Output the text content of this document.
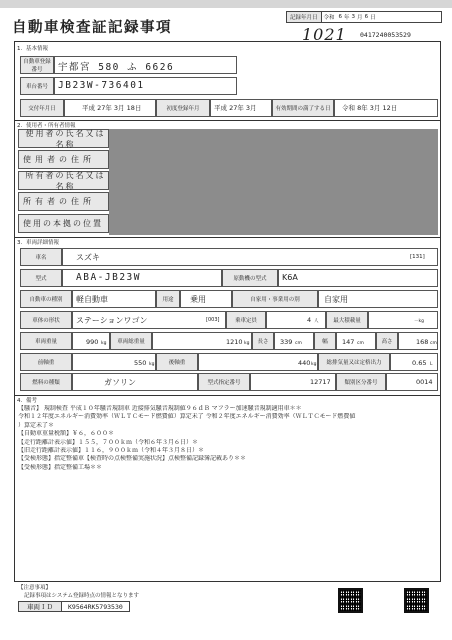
自動車検査証記録事項
記録年月日	令和 6 年 3 月 6 日
1021 0417240053529
1．基本情報
自動車登録番号	宇都宮 580 ふ 6626
車台番号	JB23W-736401
交付年月日	平成 27年 3月 18日	初度登録年月	平成 27年 3月	有効期間の満了する日	令和 8年 3月 12日
2．使用者・所有者情報
使用者の氏名又は名称
使用者の住所
所有者の氏名又は名称
所有者の住所
使用の本拠の位置
3．車両詳細情報
車名	スズキ	[131]
型式	ABA-JB23W	原動機の型式	K6A
自動車の種別	軽自動車	用途	乗用	自家用・事業用の別	自家用
車体の形状	ステーションワゴン	[003]	乗車定員	4 人	最大積載量	－kg
車両重量	990 kg	車両総重量	1210 kg	長さ	339 cm	幅	147 cm	高さ	168 cm
前軸重	550 kg	後軸重	440 kg	総排気量又は定格出力	0.65 L
燃料の種類	ガソリン	型式指定番号	12717	類別区分番号	0014
4．備考
【騒音】 規制検査 平成１０年騒音規制車 近接排気騒音規制値９６ｄＢ マフラー加速騒音規制適用車＊＊
令和１２年度エネルギー消費効率（ＷＬＴＣモード燃費値）算定未了 令和２年度エネルギー消費効率（ＷＬＴＣモード燃費値
）算定未了＊
【自動車重量税額】￥６，６００＊
【走行距離計表示値】１５５，７００ｋｍ（令和６年３月６日）＊
【旧走行距離計表示値】１１６，９００ｋｍ（令和４年３月８日）＊
【受検形態】指定整備車【検査時の点検整備実施状況】点検整備記録簿記載あり＊＊
【受検形態】指定整備工場＊＊
【注意事項】
記録事項はシステム登録時点の情報となります
車両ＩＤ	K9564RK5793530
